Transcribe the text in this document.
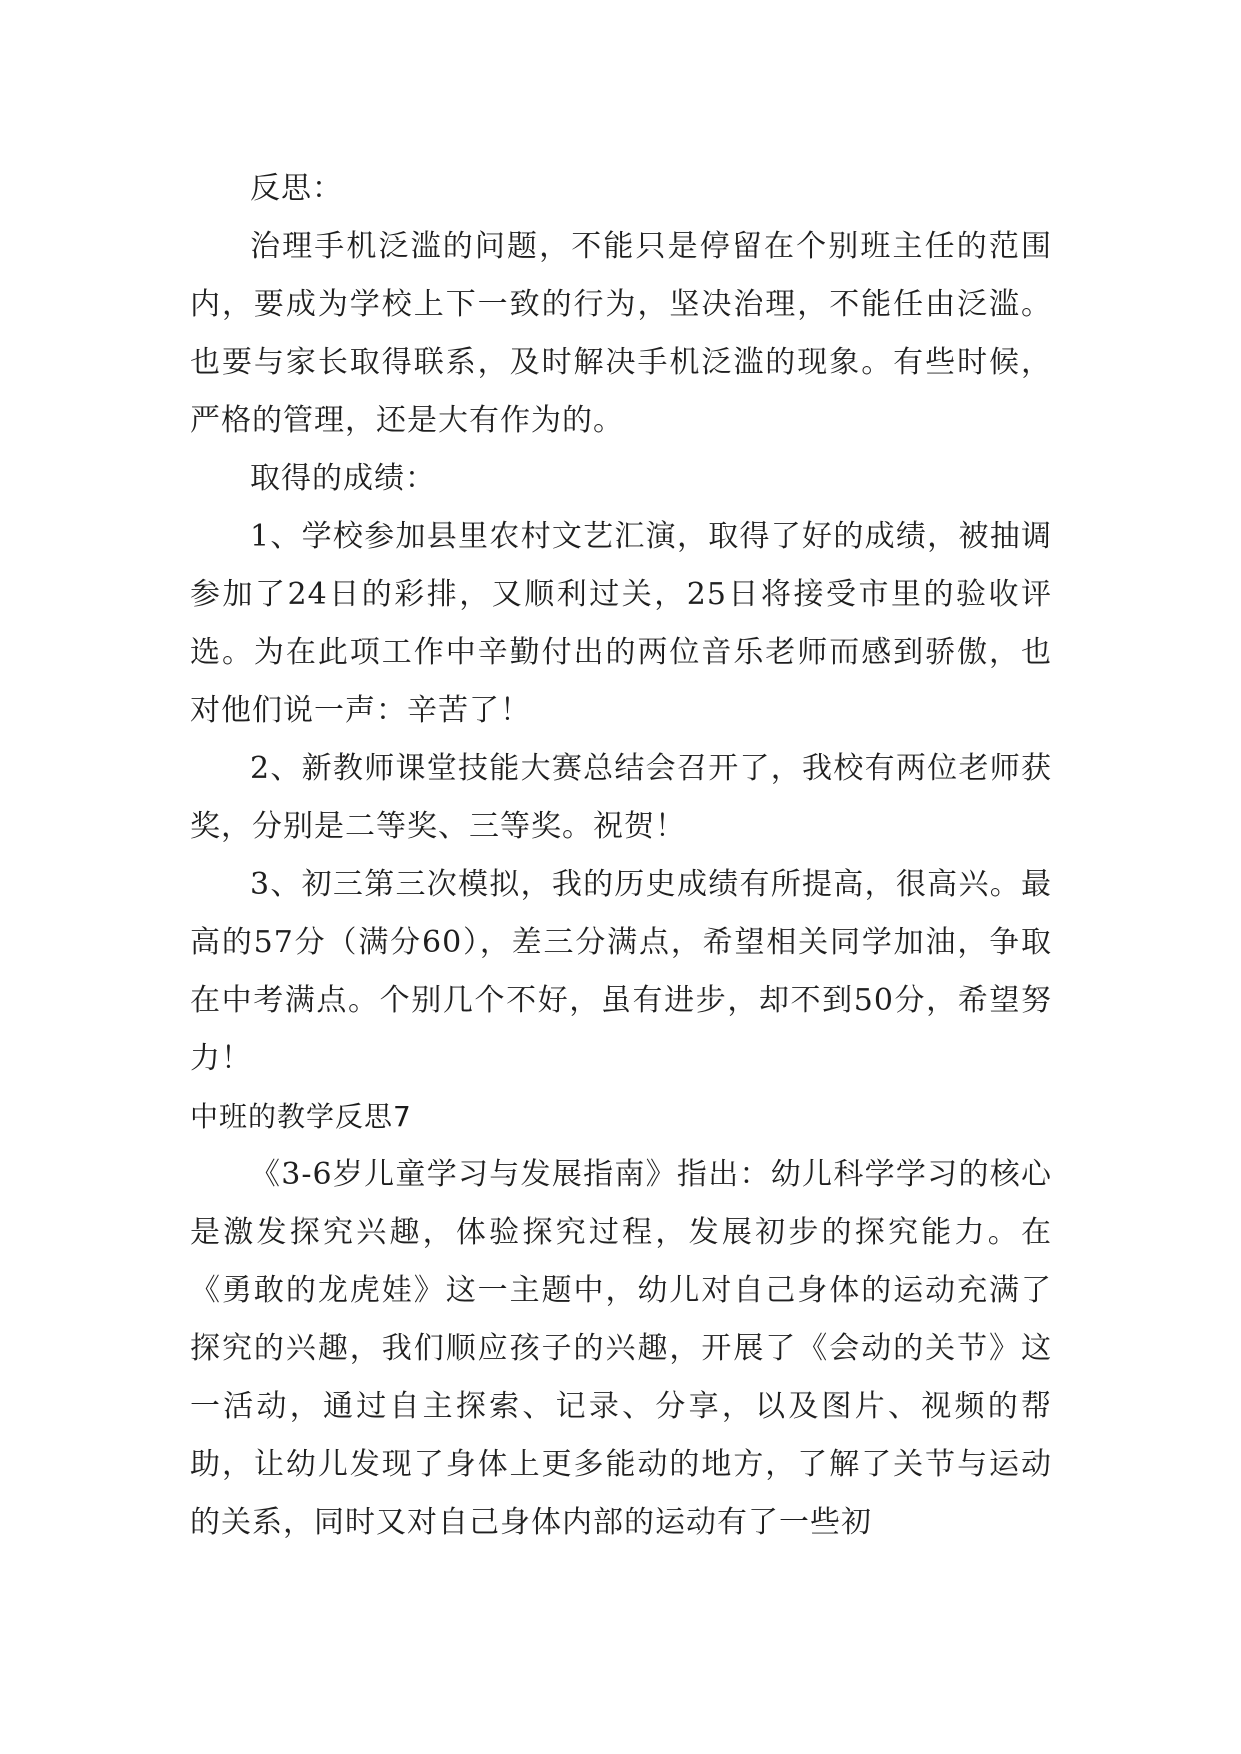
反思：

治理手机泛滥的问题，不能只是停留在个别班主任的范围内，要成为学校上下一致的行为，坚决治理，不能任由泛滥。也要与家长取得联系，及时解决手机泛滥的现象。有些时候，严格的管理，还是大有作为的。

取得的成绩：

1、学校参加县里农村文艺汇演，取得了好的成绩，被抽调参加了24日的彩排，又顺利过关，25日将接受市里的验收评选。为在此项工作中辛勤付出的两位音乐老师而感到骄傲，也对他们说一声：辛苦了！

2、新教师课堂技能大赛总结会召开了，我校有两位老师获奖，分别是二等奖、三等奖。祝贺！

3、初三第三次模拟，我的历史成绩有所提高，很高兴。最高的57分（满分60），差三分满点，希望相关同学加油，争取在中考满点。个别几个不好，虽有进步，却不到50分，希望努力！

中班的教学反思7

《3-6岁儿童学习与发展指南》指出：幼儿科学学习的核心是激发探究兴趣，体验探究过程，发展初步的探究能力。在《勇敢的龙虎娃》这一主题中，幼儿对自己身体的运动充满了探究的兴趣，我们顺应孩子的兴趣，开展了《会动的关节》这一活动，通过自主探索、记录、分享，以及图片、视频的帮助，让幼儿发现了身体上更多能动的地方，了解了关节与运动的关系，同时又对自己身体内部的运动有了一些初
